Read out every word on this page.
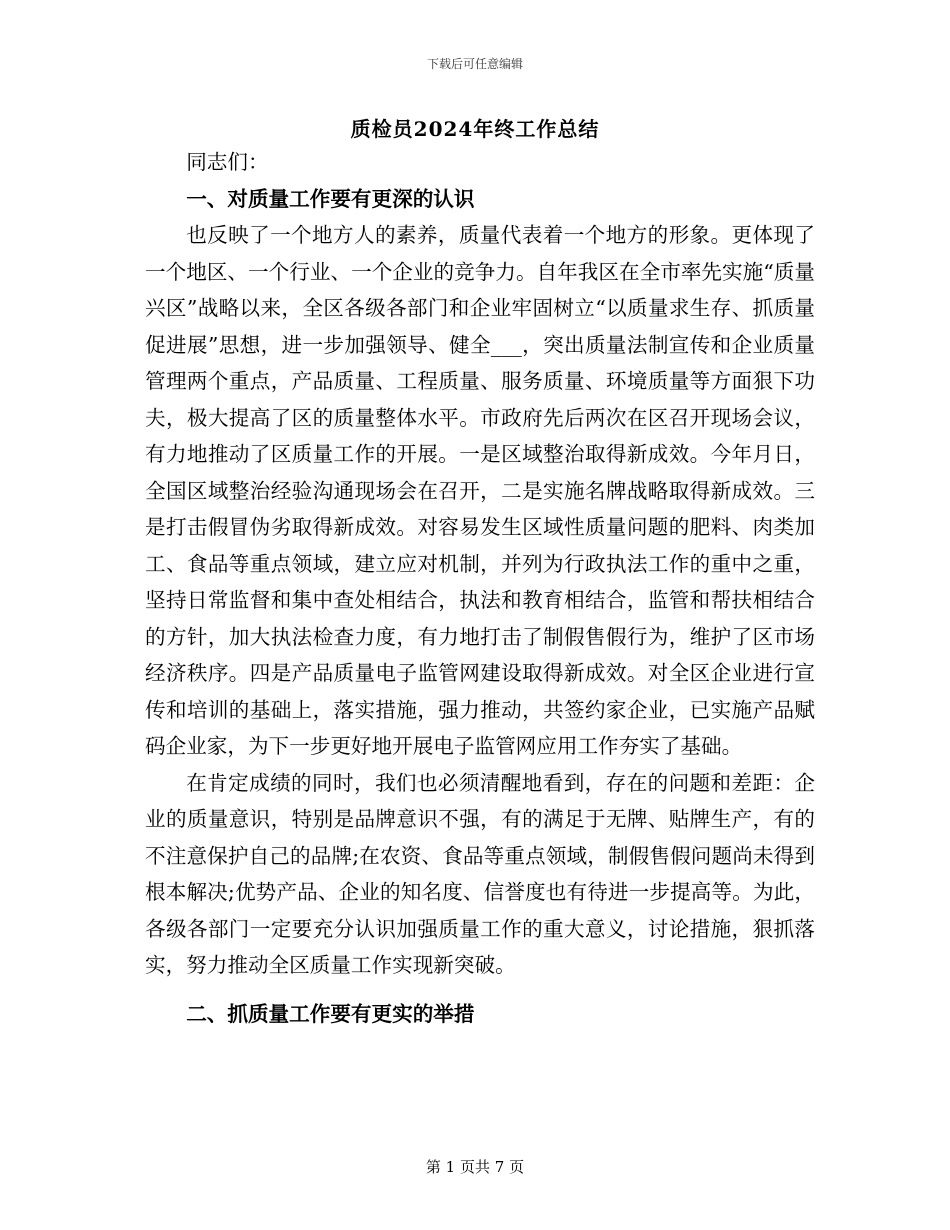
下载后可任意编辑
质检员2024年终工作总结

同志们：

一、对质量工作要有更深的认识

也反映了一个地方人的素养，质量代表着一个地方的形象。更体现了一个地区、一个行业、一个企业的竞争力。自年我区在全市率先实施“质量兴区”战略以来，全区各级各部门和企业牢固树立“以质量求生存、抓质量促进展”思想，进一步加强领导、健全___，突出质量法制宣传和企业质量管理两个重点，产品质量、工程质量、服务质量、环境质量等方面狠下功夫，极大提高了区的质量整体水平。市政府先后两次在区召开现场会议，有力地推动了区质量工作的开展。一是区域整治取得新成效。今年月日，全国区域整治经验沟通现场会在召开，二是实施名牌战略取得新成效。三是打击假冒伪劣取得新成效。对容易发生区域性质量问题的肥料、肉类加工、食品等重点领域，建立应对机制，并列为行政执法工作的重中之重，坚持日常监督和集中查处相结合，执法和教育相结合，监管和帮扶相结合的方针，加大执法检查力度，有力地打击了制假售假行为，维护了区市场经济秩序。四是产品质量电子监管网建设取得新成效。对全区企业进行宣传和培训的基础上，落实措施，强力推动，共签约家企业，已实施产品赋码企业家，为下一步更好地开展电子监管网应用工作夯实了基础。

在肯定成绩的同时，我们也必须清醒地看到，存在的问题和差距：企业的质量意识，特别是品牌意识不强，有的满足于无牌、贴牌生产，有的不注意保护自己的品牌;在农资、食品等重点领域，制假售假问题尚未得到根本解决;优势产品、企业的知名度、信誉度也有待进一步提高等。为此，各级各部门一定要充分认识加强质量工作的重大意义，讨论措施，狠抓落实，努力推动全区质量工作实现新突破。

二、抓质量工作要有更实的举措

第 1 页共 7 页
